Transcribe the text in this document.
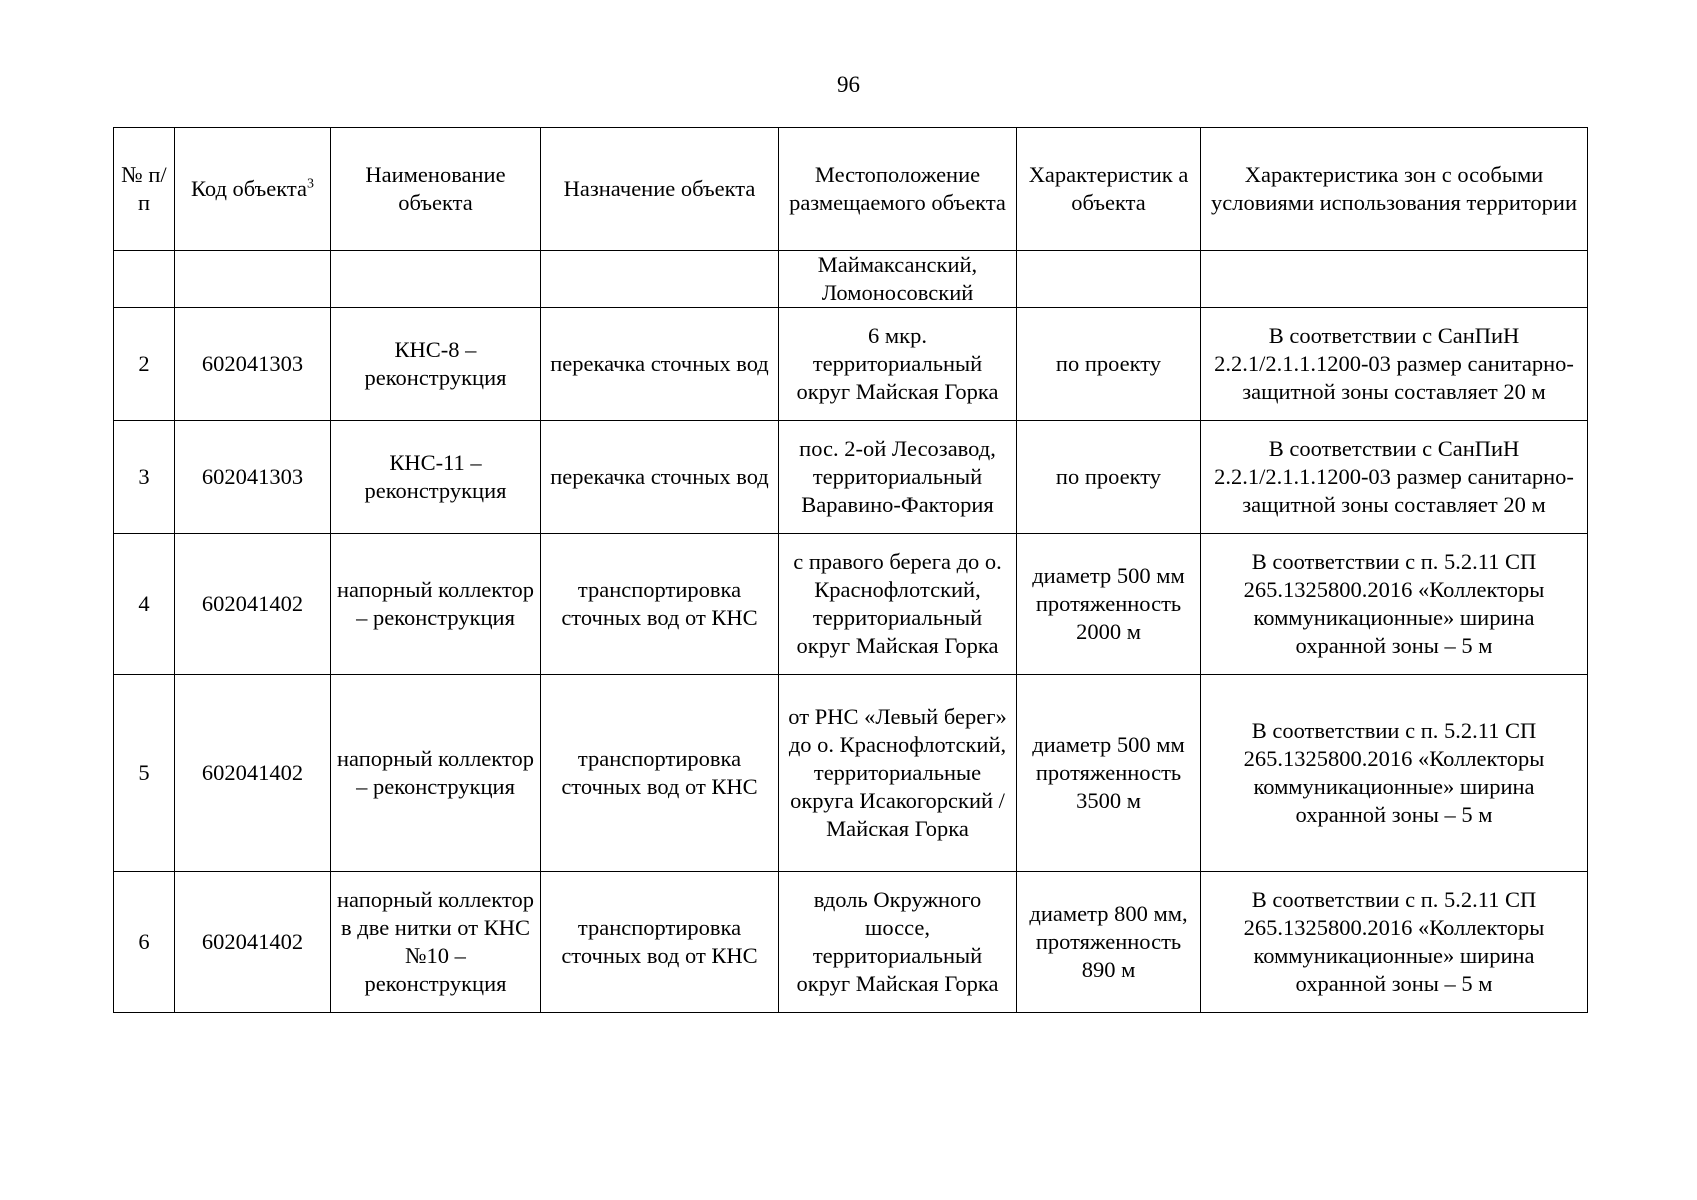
96
№ п/п	Код объекта$^3$	Наименование объекта	Назначение объекта	Местоположение размещаемого объекта	Характеристик а объекта	Характеристика зон с особыми условиями использования территории
				Маймаксанский, Ломоносовский		
2	602041303	КНС-8 – реконструкция	перекачка сточных вод	6 мкр. территориальный округ Майская Горка	по проекту	В соответствии с СанПиН 2.2.1/2.1.1.1200-03 размер санитарно-защитной зоны составляет 20 м
3	602041303	КНС-11 – реконструкция	перекачка сточных вод	пос. 2-ой Лесозавод, территориальный Варавино-Фактория	по проекту	В соответствии с СанПиН 2.2.1/2.1.1.1200-03 размер санитарно-защитной зоны составляет 20 м
4	602041402	напорный коллектор – реконструкция	транспортировка сточных вод от КНС	с правого берега до о. Краснофлотский, территориальный округ Майская Горка	диаметр 500 мм протяженность 2000 м	В соответствии с п. 5.2.11 СП 265.1325800.2016 «Коллекторы коммуникационные» ширина охранной зоны – 5 м
5	602041402	напорный коллектор – реконструкция	транспортировка сточных вод от КНС	от РНС «Левый берег» до о. Краснофлотский, территориальные округа Исакогорский /Майская Горка	диаметр 500 мм протяженность 3500 м	В соответствии с п. 5.2.11 СП 265.1325800.2016 «Коллекторы коммуникационные» ширина охранной зоны – 5 м
6	602041402	напорный коллектор в две нитки от КНС №10 – реконструкция	транспортировка сточных вод от КНС	вдоль Окружного шоссе, территориальный округ Майская Горка	диаметр 800 мм, протяженность 890 м	В соответствии с п. 5.2.11 СП 265.1325800.2016 «Коллекторы коммуникационные» ширина охранной зоны – 5 м
